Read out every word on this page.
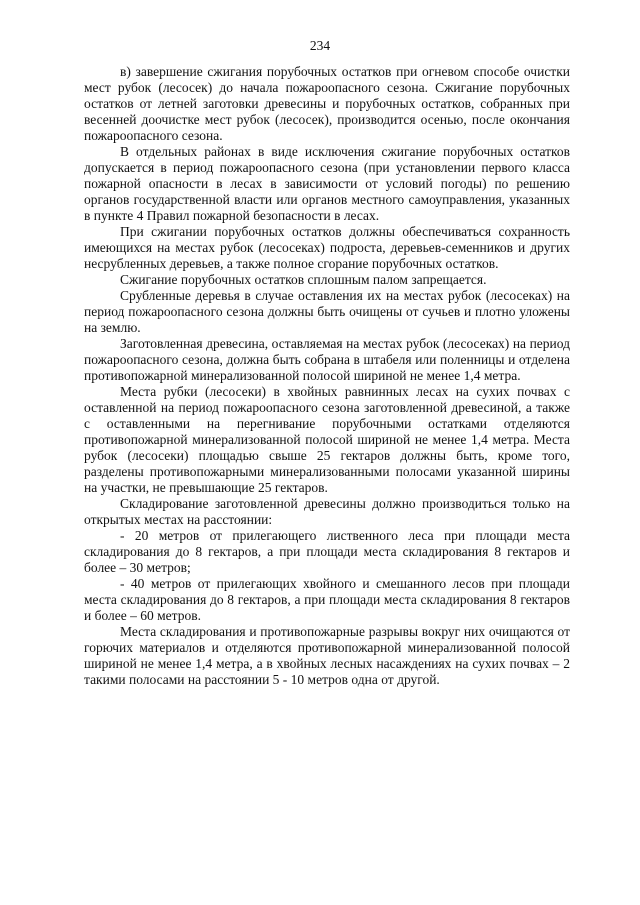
234

в) завершение сжигания порубочных остатков при огневом способе очистки мест рубок (лесосек) до начала пожароопасного сезона. Сжигание порубочных остатков от летней заготовки древесины и порубочных остатков, собранных при весенней доочистке мест рубок (лесосек), производится осенью, после окончания пожароопасного сезона.

В отдельных районах в виде исключения сжигание порубочных остатков допускается в период пожароопасного сезона (при установлении первого класса пожарной опасности в лесах в зависимости от условий погоды) по решению органов государственной власти или органов местного самоуправления, указанных в пункте 4 Правил пожарной безопасности в лесах.

При сжигании порубочных остатков должны обеспечиваться сохранность имеющихся на местах рубок (лесосеках) подроста, деревьев-семенников и других несрубленных деревьев, а также полное сгорание порубочных остатков.

Сжигание порубочных остатков сплошным палом запрещается.

Срубленные деревья в случае оставления их на местах рубок (лесосеках) на период пожароопасного сезона должны быть очищены от сучьев и плотно уложены на землю.

Заготовленная древесина, оставляемая на местах рубок (лесосеках) на период пожароопасного сезона, должна быть собрана в штабеля или поленницы и отделена противопожарной минерализованной полосой шириной не менее 1,4 метра.

Места рубки (лесосеки) в хвойных равнинных лесах на сухих почвах с оставленной на период пожароопасного сезона заготовленной древесиной, а также с оставленными на перегнивание порубочными остатками отделяются противопожарной минерализованной полосой шириной не менее 1,4 метра. Места рубок (лесосеки) площадью свыше 25 гектаров должны быть, кроме того, разделены противопожарными минерализованными полосами указанной ширины на участки, не превышающие 25 гектаров.

Складирование заготовленной древесины должно производиться только на открытых местах на расстоянии:

- 20 метров от прилегающего лиственного леса при площади места складирования до 8 гектаров, а при площади места складирования 8 гектаров и более – 30 метров;

- 40 метров от прилегающих хвойного и смешанного лесов при площади места складирования до 8 гектаров, а при площади места складирования 8 гектаров и более – 60 метров.

Места складирования и противопожарные разрывы вокруг них очищаются от горючих материалов и отделяются противопожарной минерализованной полосой шириной не менее 1,4 метра, а в хвойных лесных насаждениях на сухих почвах – 2 такими полосами на расстоянии 5 - 10 метров одна от другой.
